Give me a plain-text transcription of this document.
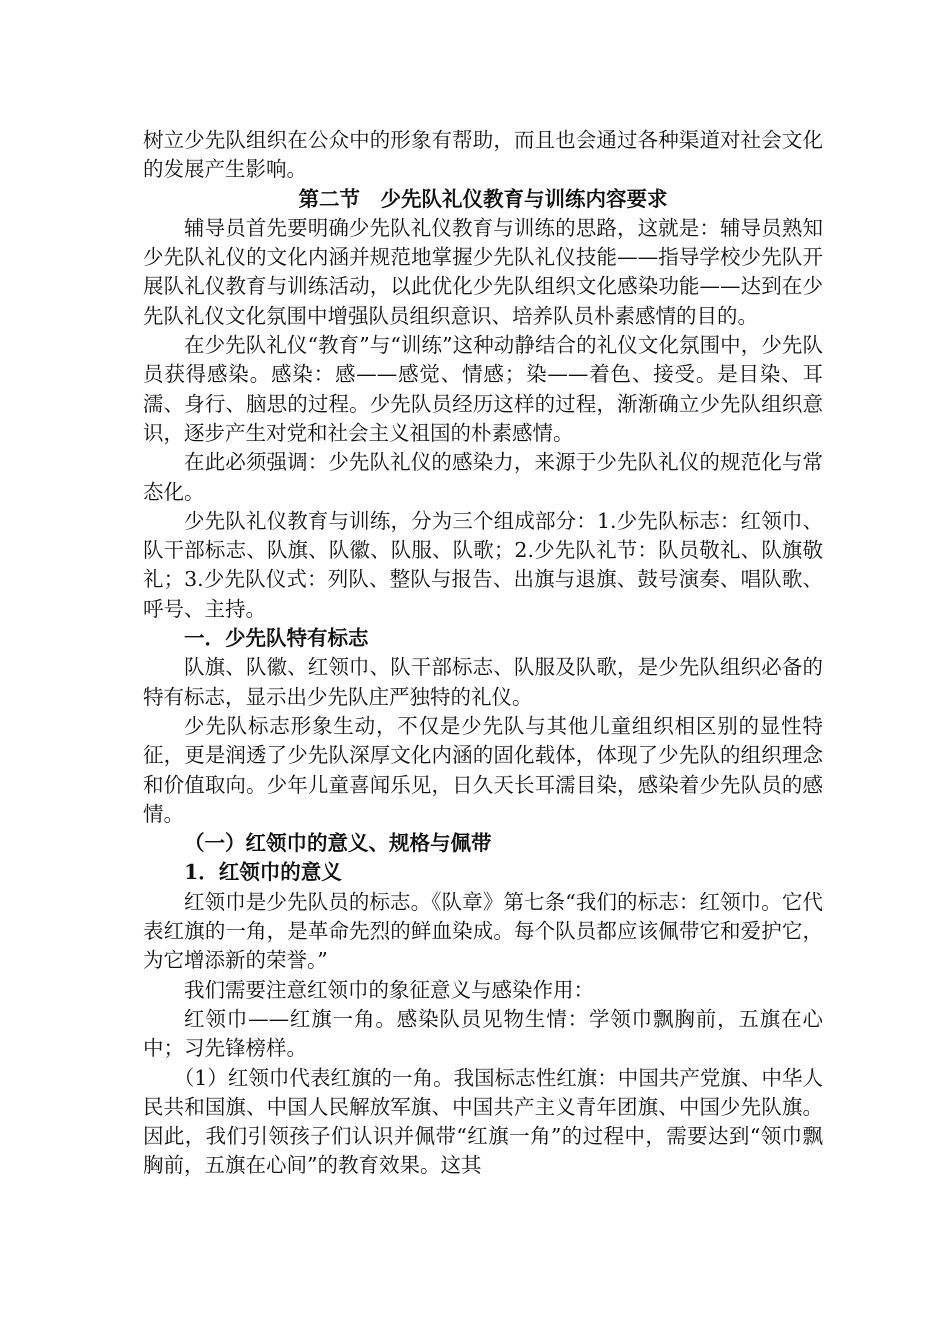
树立少先队组织在公众中的形象有帮助，而且也会通过各种渠道对社会文化的发展产生影响。

第二节　少先队礼仪教育与训练内容要求

辅导员首先要明确少先队礼仪教育与训练的思路，这就是：辅导员熟知少先队礼仪的文化内涵并规范地掌握少先队礼仪技能——指导学校少先队开展队礼仪教育与训练活动，以此优化少先队组织文化感染功能——达到在少先队礼仪文化氛围中增强队员组织意识、培养队员朴素感情的目的。

在少先队礼仪“教育”与“训练”这种动静结合的礼仪文化氛围中，少先队员获得感染。感染：感——感觉、情感；染——着色、接受。是目染、耳濡、身行、脑思的过程。少先队员经历这样的过程，渐渐确立少先队组织意识，逐步产生对党和社会主义祖国的朴素感情。

在此必须强调：少先队礼仪的感染力，来源于少先队礼仪的规范化与常态化。

少先队礼仪教育与训练，分为三个组成部分：1.少先队标志：红领巾、队干部标志、队旗、队徽、队服、队歌；2.少先队礼节：队员敬礼、队旗敬礼；3.少先队仪式：列队、整队与报告、出旗与退旗、鼓号演奏、唱队歌、呼号、主持。

一．少先队特有标志

队旗、队徽、红领巾、队干部标志、队服及队歌，是少先队组织必备的特有标志，显示出少先队庄严独特的礼仪。

少先队标志形象生动，不仅是少先队与其他儿童组织相区别的显性特征，更是润透了少先队深厚文化内涵的固化载体，体现了少先队的组织理念和价值取向。少年儿童喜闻乐见，日久天长耳濡目染，感染着少先队员的感情。

（一）红领巾的意义、规格与佩带

1．红领巾的意义

红领巾是少先队员的标志。《队章》第七条“我们的标志：红领巾。它代表红旗的一角，是革命先烈的鲜血染成。每个队员都应该佩带它和爱护它，为它增添新的荣誉。”

我们需要注意红领巾的象征意义与感染作用：

红领巾——红旗一角。感染队员见物生情：学领巾飘胸前，五旗在心中；习先锋榜样。

（1）红领巾代表红旗的一角。我国标志性红旗：中国共产党旗、中华人民共和国旗、中国人民解放军旗、中国共产主义青年团旗、中国少先队旗。因此，我们引领孩子们认识并佩带“红旗一角”的过程中，需要达到“领巾飘胸前，五旗在心间”的教育效果。这其
